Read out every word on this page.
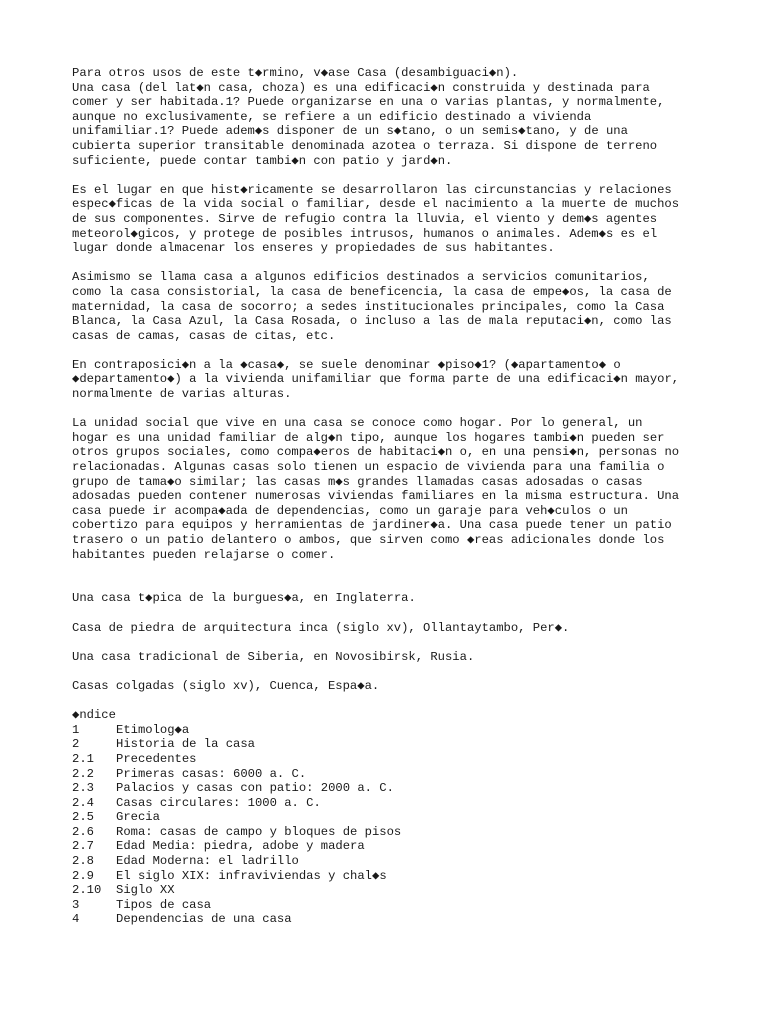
Para otros usos de este t◆rmino, v◆ase Casa (desambiguaci◆n).
Una casa (del lat◆n casa, choza) es una edificaci◆n construida y destinada para
comer y ser habitada.1? Puede organizarse en una o varias plantas, y normalmente,
aunque no exclusivamente, se refiere a un edificio destinado a vivienda
unifamiliar.1? Puede adem◆s disponer de un s◆tano, o un semis◆tano, y de una
cubierta superior transitable denominada azotea o terraza. Si dispone de terreno
suficiente, puede contar tambi◆n con patio y jard◆n.
Es el lugar en que hist◆ricamente se desarrollaron las circunstancias y relaciones
espec◆ficas de la vida social o familiar, desde el nacimiento a la muerte de muchos
de sus componentes. Sirve de refugio contra la lluvia, el viento y dem◆s agentes
meteorol◆gicos, y protege de posibles intrusos, humanos o animales. Adem◆s es el
lugar donde almacenar los enseres y propiedades de sus habitantes.
Asimismo se llama casa a algunos edificios destinados a servicios comunitarios,
como la casa consistorial, la casa de beneficencia, la casa de empe◆os, la casa de
maternidad, la casa de socorro; a sedes institucionales principales, como la Casa
Blanca, la Casa Azul, la Casa Rosada, o incluso a las de mala reputaci◆n, como las
casas de camas, casas de citas, etc.
En contraposici◆n a la ◆casa◆, se suele denominar ◆piso◆1? (◆apartamento◆ o
◆departamento◆) a la vivienda unifamiliar que forma parte de una edificaci◆n mayor,
normalmente de varias alturas.
La unidad social que vive en una casa se conoce como hogar. Por lo general, un
hogar es una unidad familiar de alg◆n tipo, aunque los hogares tambi◆n pueden ser
otros grupos sociales, como compa◆eros de habitaci◆n o, en una pensi◆n, personas no
relacionadas. Algunas casas solo tienen un espacio de vivienda para una familia o
grupo de tama◆o similar; las casas m◆s grandes llamadas casas adosadas o casas
adosadas pueden contener numerosas viviendas familiares en la misma estructura. Una
casa puede ir acompa◆ada de dependencias, como un garaje para veh◆culos o un
cobertizo para equipos y herramientas de jardiner◆a. Una casa puede tener un patio
trasero o un patio delantero o ambos, que sirven como ◆reas adicionales donde los
habitantes pueden relajarse o comer.
Una casa t◆pica de la burgues◆a, en Inglaterra.
Casa de piedra de arquitectura inca (siglo xv), Ollantaytambo, Per◆.
Una casa tradicional de Siberia, en Novosibirsk, Rusia.
Casas colgadas (siglo xv), Cuenca, Espa◆a.
◆ndice
1	Etimolog◆a
2	Historia de la casa
2.1	Precedentes
2.2	Primeras casas: 6000 a. C.
2.3	Palacios y casas con patio: 2000 a. C.
2.4	Casas circulares: 1000 a. C.
2.5	Grecia
2.6	Roma: casas de campo y bloques de pisos
2.7	Edad Media: piedra, adobe y madera
2.8	Edad Moderna: el ladrillo
2.9	El siglo XIX: infraviviendas y chal◆s
2.10	Siglo XX
3	Tipos de casa
4	Dependencias de una casa
